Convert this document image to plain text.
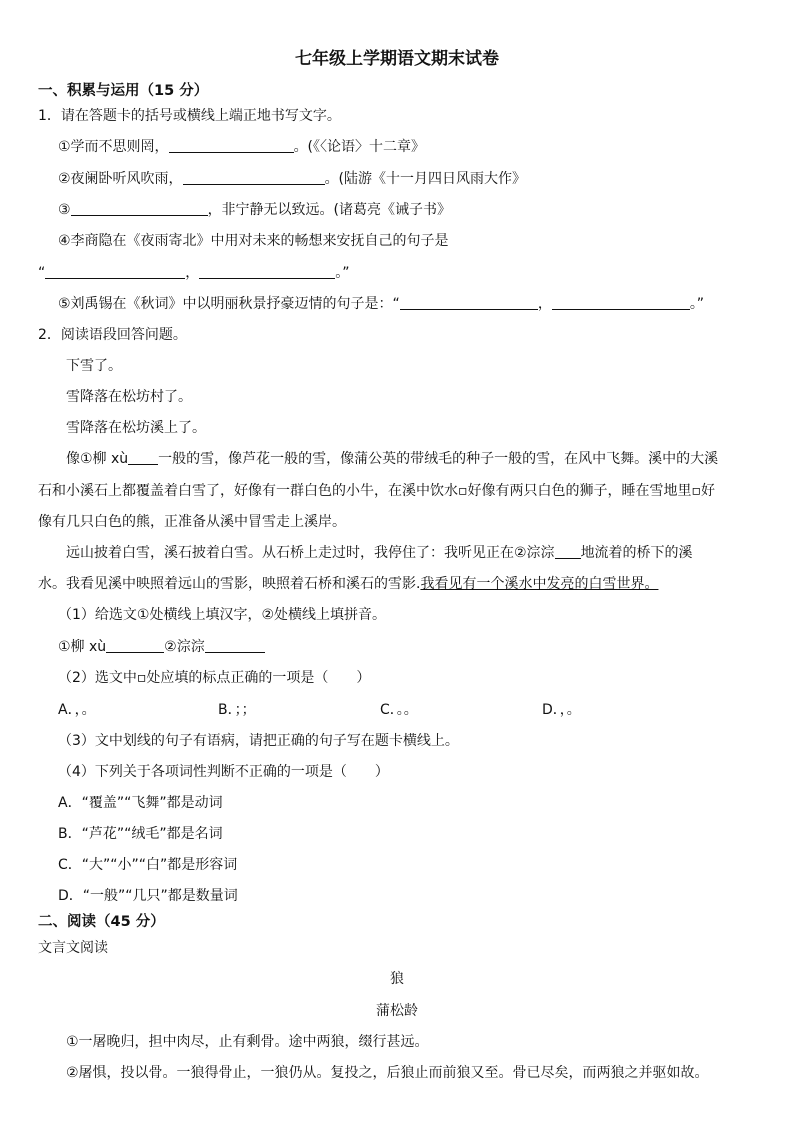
七年级上学期语文期末试卷
一、积累与运用（15 分）
1．请在答题卡的括号或横线上端正地书写文字。
①学而不思则罔，	。(《〈论语〉十二章》
②夜阑卧听风吹雨，	。(陆游《十一月四日风雨大作》
③	，非宁静无以致远。(诸葛亮《诫子书》
④李商隐在《夜雨寄北》中用对未来的畅想来安抚自己的句子是
“	，	。”
⑤刘禹锡在《秋词》中以明丽秋景抒豪迈情的句子是：“	，	。”
2．阅读语段回答问题。
下雪了。
雪降落在松坊村了。
雪降落在松坊溪上了。
像①柳 xù 一般的雪，像芦花一般的雪，像蒲公英的带绒毛的种子一般的雪，在风中飞舞。溪中的大溪
石和小溪石上都覆盖着白雪了，好像有一群白色的小牛，在溪中饮水▫好像有两只白色的狮子，睡在雪地里▫好
像有几只白色的熊，正准备从溪中冒雪走上溪岸。
远山披着白雪，溪石披着白雪。从石桥上走过时，我停住了：我听见正在②淙淙 地流着的桥下的溪
水。我看见溪中映照着远山的雪影，映照着石桥和溪石的雪影.我看见有一个溪水中发亮的白雪世界。
（1）给选文①处横线上填汉字，②处横线上填拼音。
①柳 xù	②淙淙
（2）选文中▫处应填的标点正确的一项是（　　）
A．，。	B．；；	C．。。	D．，。
（3）文中划线的句子有语病，请把正确的句子写在题卡横线上。
（4）下列关于各项词性判断不正确的一项是（　　）
A．“覆盖”“飞舞”都是动词
B．“芦花”“绒毛”都是名词
C．“大”“小”“白”都是形容词
D．“一般”“几只”都是数量词
二、阅读（45 分）
文言文阅读
狼
蒲松龄
①一屠晚归，担中肉尽，止有剩骨。途中两狼，缀行甚远。
②屠惧，投以骨。一狼得骨止，一狼仍从。复投之，后狼止而前狼又至。骨已尽矣，而两狼之并驱如故。
